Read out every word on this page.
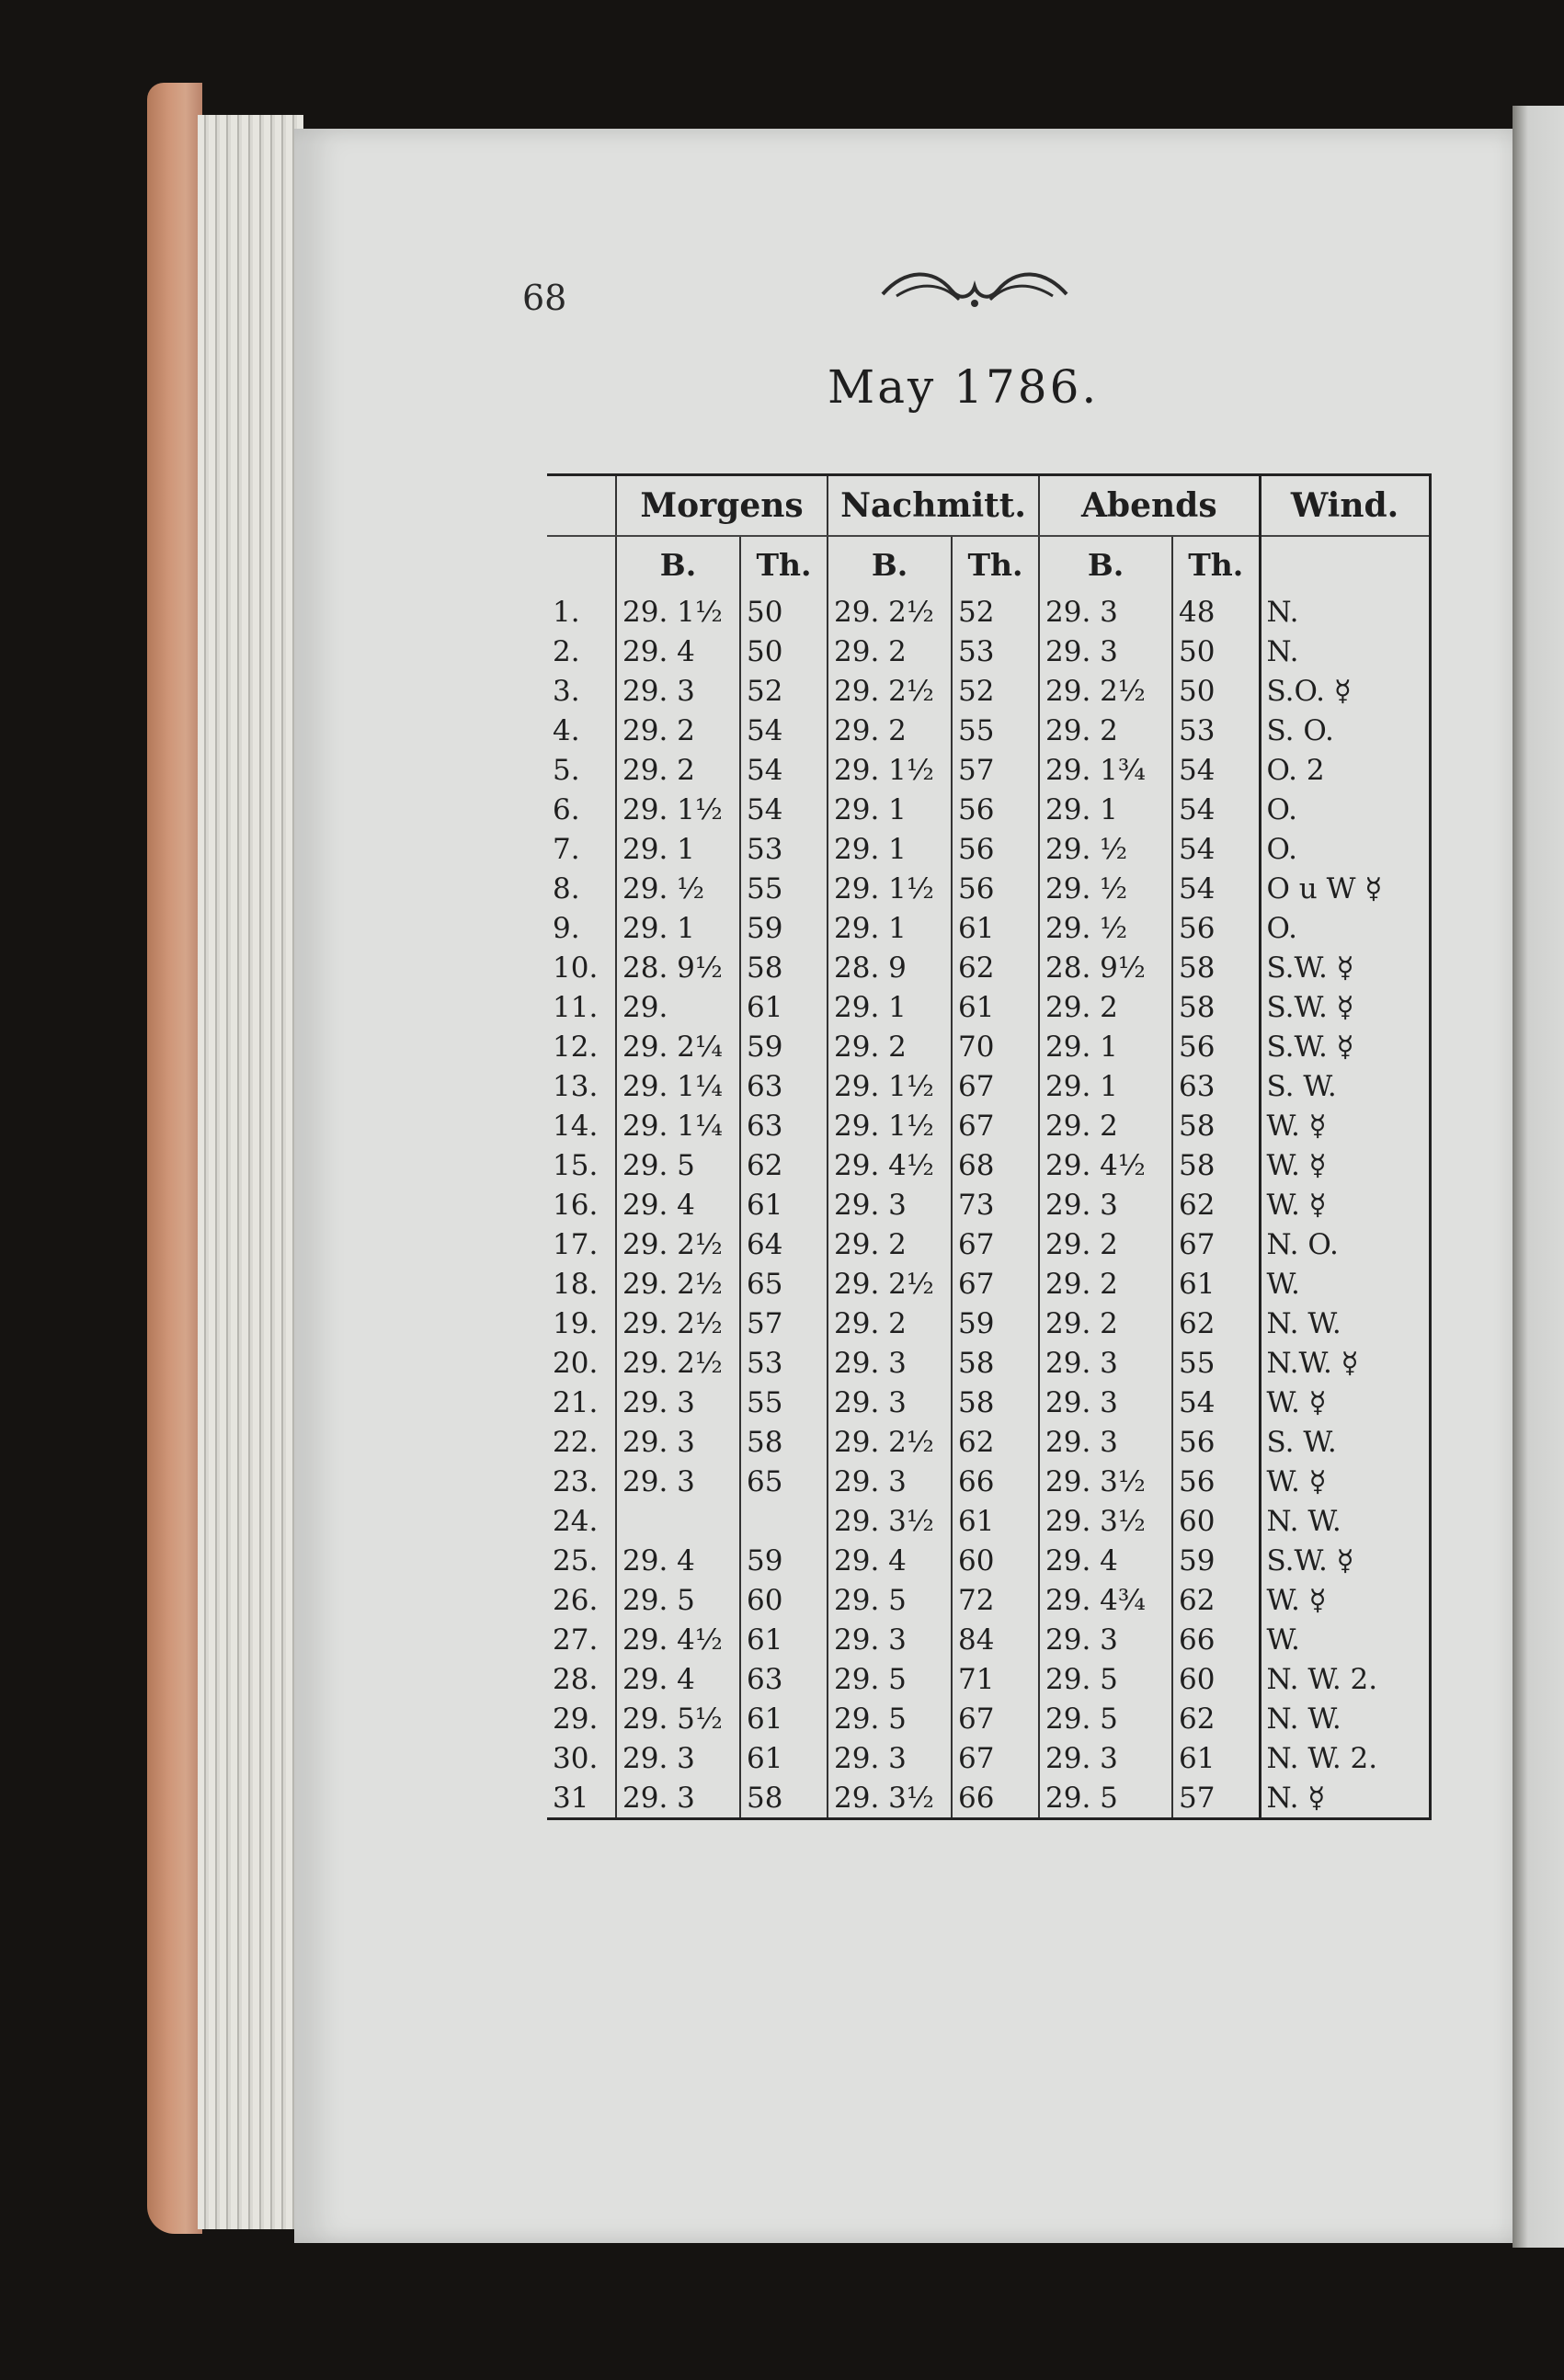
68
May 1786.
	Morgens		Nachmitt.		Abends		Wind.
	B.	Th.	B.	Th.	B.	Th.	
1.	29. 1½	50	29. 2½	52	29. 3	48	N.
2.	29. 4	50	29. 2	53	29. 3	50	N.
3.	29. 3	52	29. 2½	52	29. 2½	50	S.O. ☿
4.	29. 2	54	29. 2	55	29. 2	53	S. O.
5.	29. 2	54	29. 1½	57	29. 1¾	54	O. 2
6.	29. 1½	54	29. 1	56	29. 1	54	O.
7.	29. 1	53	29. 1	56	29. ½	54	O.
8.	29. ½	55	29. 1½	56	29. ½	54	O u W ☿
9.	29. 1	59	29. 1	61	29. ½	56	O.
10.	28. 9½	58	28. 9	62	28. 9½	58	S.W. ☿
11.	29.	61	29. 1	61	29. 2	58	S.W. ☿
12.	29. 2¼	59	29. 2	70	29. 1	56	S.W. ☿
13.	29. 1¼	63	29. 1½	67	29. 1	63	S. W.
14.	29. 1¼	63	29. 1½	67	29. 2	58	W. ☿
15.	29. 5	62	29. 4½	68	29. 4½	58	W. ☿
16.	29. 4	61	29. 3	73	29. 3	62	W. ☿
17.	29. 2½	64	29. 2	67	29. 2	67	N. O.
18.	29. 2½	65	29. 2½	67	29. 2	61	W.
19.	29. 2½	57	29. 2	59	29. 2	62	N. W.
20.	29. 2½	53	29. 3	58	29. 3	55	N.W. ☿
21.	29. 3	55	29. 3	58	29. 3	54	W. ☿
22.	29. 3	58	29. 2½	62	29. 3	56	S. W.
23.	29. 3	65	29. 3	66	29. 3½	56	W. ☿
24.			29. 3½	61	29. 3½	60	N. W.
25.	29. 4	59	29. 4	60	29. 4	59	S.W. ☿
26.	29. 5	60	29. 5	72	29. 4¾	62	W. ☿
27.	29. 4½	61	29. 3	84	29. 3	66	W.
28.	29. 4	63	29. 5	71	29. 5	60	N. W. 2.
29.	29. 5½	61	29. 5	67	29. 5	62	N. W.
30.	29. 3	61	29. 3	67	29. 3	61	N. W. 2.
31	29. 3	58	29. 3½	66	29. 5	57	N. ☿
